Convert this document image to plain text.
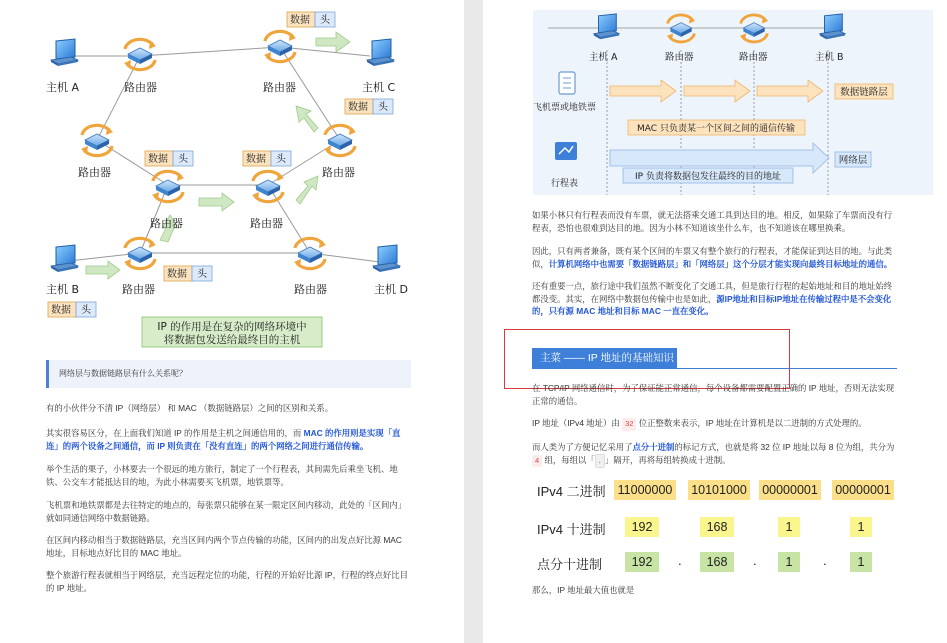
主机 A	主机 C
主机 B	主机 D
路由器	路由器
路由器	路由器
路由器	路由器
路由器	路由器
数据 头
数据 头
数据 头	数据 头
数据 头
数据 头
IP 的作用是在复杂的网络环境中
将数据包发送给最终目的主机
网络层与数据链路层有什么关系呢？

有的小伙伴分不清 IP（网络层） 和 MAC （数据链路层）之间的区别和关系。

其实很容易区分，在上面我们知道 IP 的作用是主机之间通信用的，而 MAC 的作用则是实现「直连」的两个设备之间通信，而 IP 则负责在「没有直连」的两个网络之间进行通信传输。

举个生活的栗子，小林要去一个很远的地方旅行，制定了一个行程表，其间需先后乘坐飞机、地铁、公交车才能抵达目的地，为此小林需要买飞机票，地铁票等。

飞机票和地铁票都是去往特定的地点的，每张票只能够在某一限定区间内移动，此处的「区间内」就如同通信网络中数据链路。

在区间内移动相当于数据链路层，充当区间内两个节点传输的功能，区间内的出发点好比源 MAC 地址，目标地点好比目的 MAC 地址。

整个旅游行程表就相当于网络层，充当远程定位的功能，行程的开始好比源 IP，行程的终点好比目的 IP 地址。

主机 A	路由器	路由器	主机 B
飞机票或地铁票
行程表
MAC 只负责某一个区间之间的通信传输
IP 负责将数据包发往最终的目的地址
数据链路层
网络层

如果小林只有行程表而没有车票，就无法搭乘交通工具到达目的地。相反，如果除了车票而没有行程表，恐怕也很难到达目的地。因为小林不知道该坐什么车，也不知道该在哪里换乘。

因此，只有两者兼备，既有某个区间的车票又有整个旅行的行程表，才能保证到达目的地。与此类似，计算机网络中也需要「数据链路层」和「网络层」这个分层才能实现向最终目标地址的通信。

还有重要一点，旅行途中我们虽然不断变化了交通工具，但是旅行行程的起始地址和目的地址始终都没变。其实，在网络中数据包传输中也是如此，源IP地址和目标IP地址在传输过程中是不会变化的，只有源 MAC 地址和目标 MAC 一直在变化。

主菜 —— IP 地址的基础知识

在 TCP/IP 网络通信时，为了保证能正常通信，每个设备都需要配置正确的 IP 地址，否则无法实现正常的通信。

IP 地址（IPv4 地址）由 32 位正整数来表示，IP 地址在计算机是以二进制的方式处理的。

而人类为了方便记忆采用了点分十进制的标记方式，也就是将 32 位 IP 地址以每 8 位为组，共分为 4 组，每组以「 . 」隔开，再将每组转换成十进制。

IPv4 二进制 11000000 10101000 00000001 00000001
IPv4 十进制	192	168	1	1
点分十进制	192	.	168	.	1	.	1

那么，IP 地址最大值也就是
